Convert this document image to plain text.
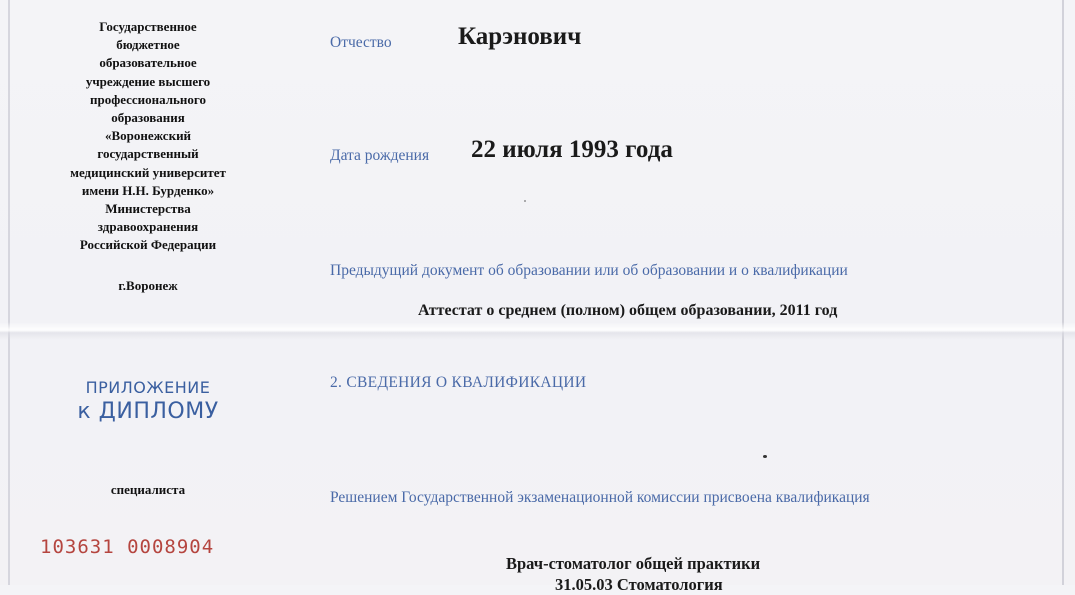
Государственное
бюджетное
образовательное
учреждение высшего
профессионального
образования
«Воронежский
государственный
медицинский университет
имени Н.Н. Бурденко»
Министерства
здравоохранения
Российской Федерации
г.Воронеж
ПРИЛОЖЕНИЕ
к ДИПЛОМУ
специалиста
103631 0008904
Отчество	Карэнович
Дата рождения 22 июля 1993 года
Предыдущий документ об образовании или об образовании и о квалификации
Аттестат о среднем (полном) общем образовании, 2011 год
2. СВЕДЕНИЯ О КВАЛИФИКАЦИИ
Решением Государственной экзаменационной комиссии присвоена квалификация
Врач-стоматолог общей практики
31.05.03 Стоматология
